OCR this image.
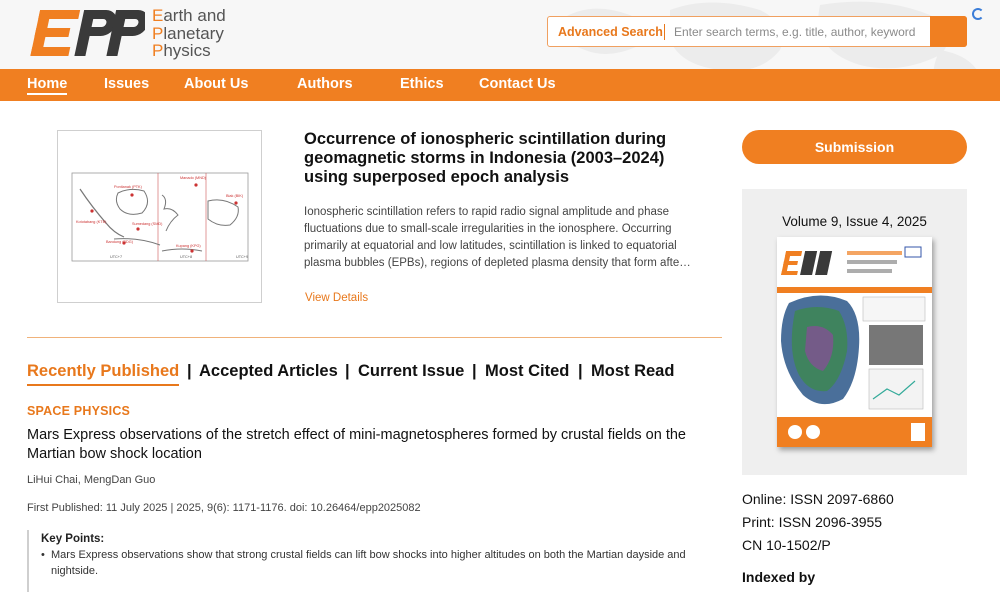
EPP
Earth and
Planetary
Physics
Advanced Search
Enter search terms, e.g. title, author, keyword
Home	Issues About Us	Authors	Ethics Contact Us
Pontianak (PTK)
Manado (MND)
Kototabang (KTB)	Sumedang (SMD)
Biak (BIK)
Bandung (BDG)
Kupang (KPG)
UTC+7	UTC+8	UTC+9
Occurrence of ionospheric scintillation during geomagnetic storms in Indonesia (2003–2024) using superposed epoch analysis
Ionospheric scintillation refers to rapid radio signal amplitude and phase fluctuations due to small-scale irregularities in the ionosphere. Occurring primarily at equatorial and low latitudes, scintillation is linked to equatorial plasma bubbles (EPBs), regions of depleted plasma density that form afte…
View Details
Recently Published | Accepted Articles | Current Issue | Most Cited | Most Read
SPACE PHYSICS
Mars Express observations of the stretch effect of mini-magnetospheres formed by crustal fields on the Martian bow shock location
LiHui Chai, MengDan Guo
First Published: 11 July 2025 | 2025, 9(6): 1171-1176. doi: 10.26464/epp2025082
Key Points:
• Mars Express observations show that strong crustal fields can lift bow shocks into higher altitudes on both the Martian dayside and nightside.
Submission
Volume 9, Issue 4, 2025
Online: ISSN 2097-6860
Print: ISSN 2096-3955
CN 10-1502/P
Indexed by
